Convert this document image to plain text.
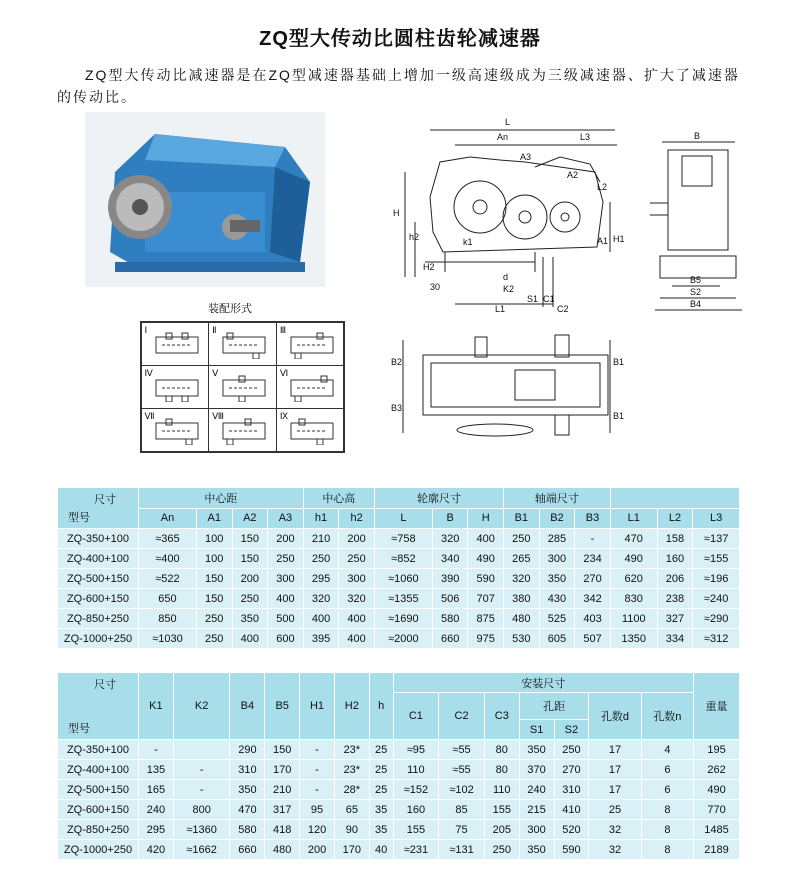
ZQ型大传动比圆柱齿轮减速器
ZQ型大传动比减速器是在ZQ型减速器基础上增加一级高速级成为三级减速器、扩大了减速器的传动比。
装配形式
Ⅰ	Ⅱ	Ⅲ
Ⅳ	Ⅴ	Ⅵ
Ⅶ	Ⅷ	Ⅸ
L
An	L3
A3
A2
L2
A1
H
h2	k1	H1
H2
30
d
K2
S1 C1
C2
L1
B
B5
S2
B4
B2
B3
B1
B1
尺寸
型号	中心距				中心高		轮廓尺寸			轴端尺寸					
	An	A1	A2	A3	h1	h2	L	B	H	B1	B2	B3	L1	L2	L3
ZQ-350+100	≈365	100	150	200	210	200	≈758	320	400	250	285	-	470	158	≈137
ZQ-400+100	≈400	100	150	250	250	250	≈852	340	490	265	300	234	490	160	≈155
ZQ-500+150	≈522	150	200	300	295	300	≈1060	390	590	320	350	270	620	206	≈196
ZQ-600+150	650	150	250	400	320	320	≈1355	506	707	380	430	342	830	238	≈240
ZQ-850+250	850	250	350	500	400	400	≈1690	580	875	480	525	403	1100	327	≈290
ZQ-1000+250	≈1030	250	400	600	395	400	≈2000	660	975	530	605	507	1350	334	≈312

尺寸
型号	K1	K2	B4	B5	H1	H2	h	安装尺寸							重量
								C1	C2	C3	孔距		孔数d	孔数n	
											S1	S2			
ZQ-350+100	-		290	150	-	23*	25	≈95	≈55	80	350	250	17	4	195
ZQ-400+100	135	-	310	170	-	23*	25	110	≈55	80	370	270	17	6	262
ZQ-500+150	165	-	350	210	-	28*	25	≈152	≈102	110	240	310	17	6	490
ZQ-600+150	240	800	470	317	95	65	35	160	85	155	215	410	25	8	770
ZQ-850+250	295	≈1360	580	418	120	90	35	155	75	205	300	520	32	8	1485
ZQ-1000+250	420	≈1662	660	480	200	170	40	≈231	≈131	250	350	590	32	8	2189
